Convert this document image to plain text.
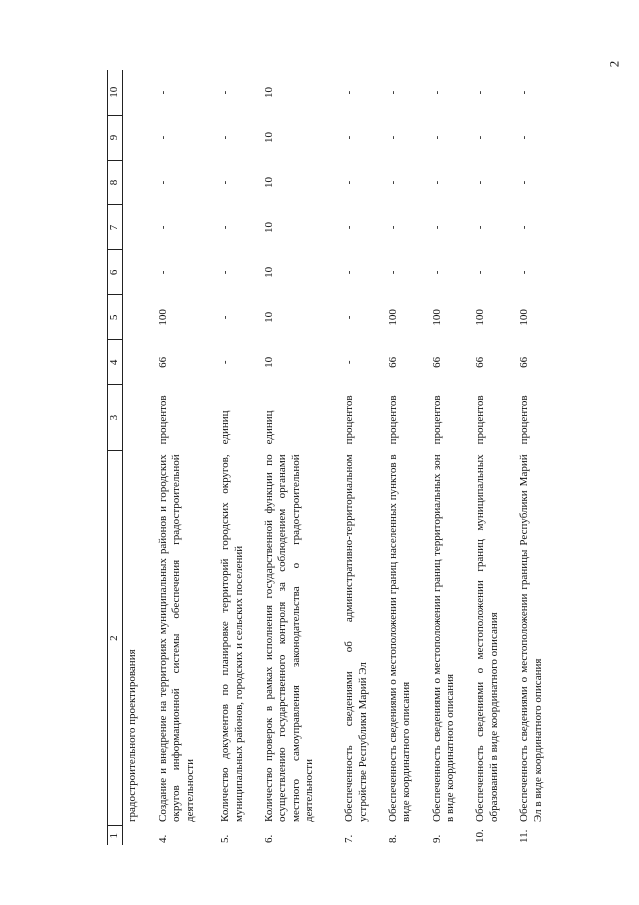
2
1	2	3	4	5	6	7	8	9	10
	градостроительного проектирования								
4.	Создание и внедрение на территориях муниципальных районов и городских округов информационной системы обеспечения градостроительной деятельности	процентов	66	100	-	-	-	-	-
5.	Количество документов по планировке территорий городских округов, муниципальных районов, городских и сельских поселений	единиц	-	-	-	-	-	-	-
6.	Количество проверок в рамках исполнения государственной функции по осуществлению государственного контроля за соблюдением органами местного самоуправления законодательства о градостроительной деятельности	единиц	10	10	10	10	10	10	10
7.	Обеспеченность сведениями об административно-территориальном устройстве Республики Марий Эл	процентов	-	-	-	-	-	-	-
8.	Обеспеченность сведениями о местоположении границ населенных пунктов в виде координатного описания	процентов	66	100	-	-	-	-	-
9.	Обеспеченность сведениями о местоположении границ территориальных зон в виде координатного описания	процентов	66	100	-	-	-	-	-
10.	Обеспеченность сведениями о местоположении границ муниципальных образований в виде координатного описания	процентов	66	100	-	-	-	-	-
11.	Обеспеченность сведениями о местоположении границы Республики Марий Эл в виде координатного описания	процентов	66	100	-	-	-	-	-
